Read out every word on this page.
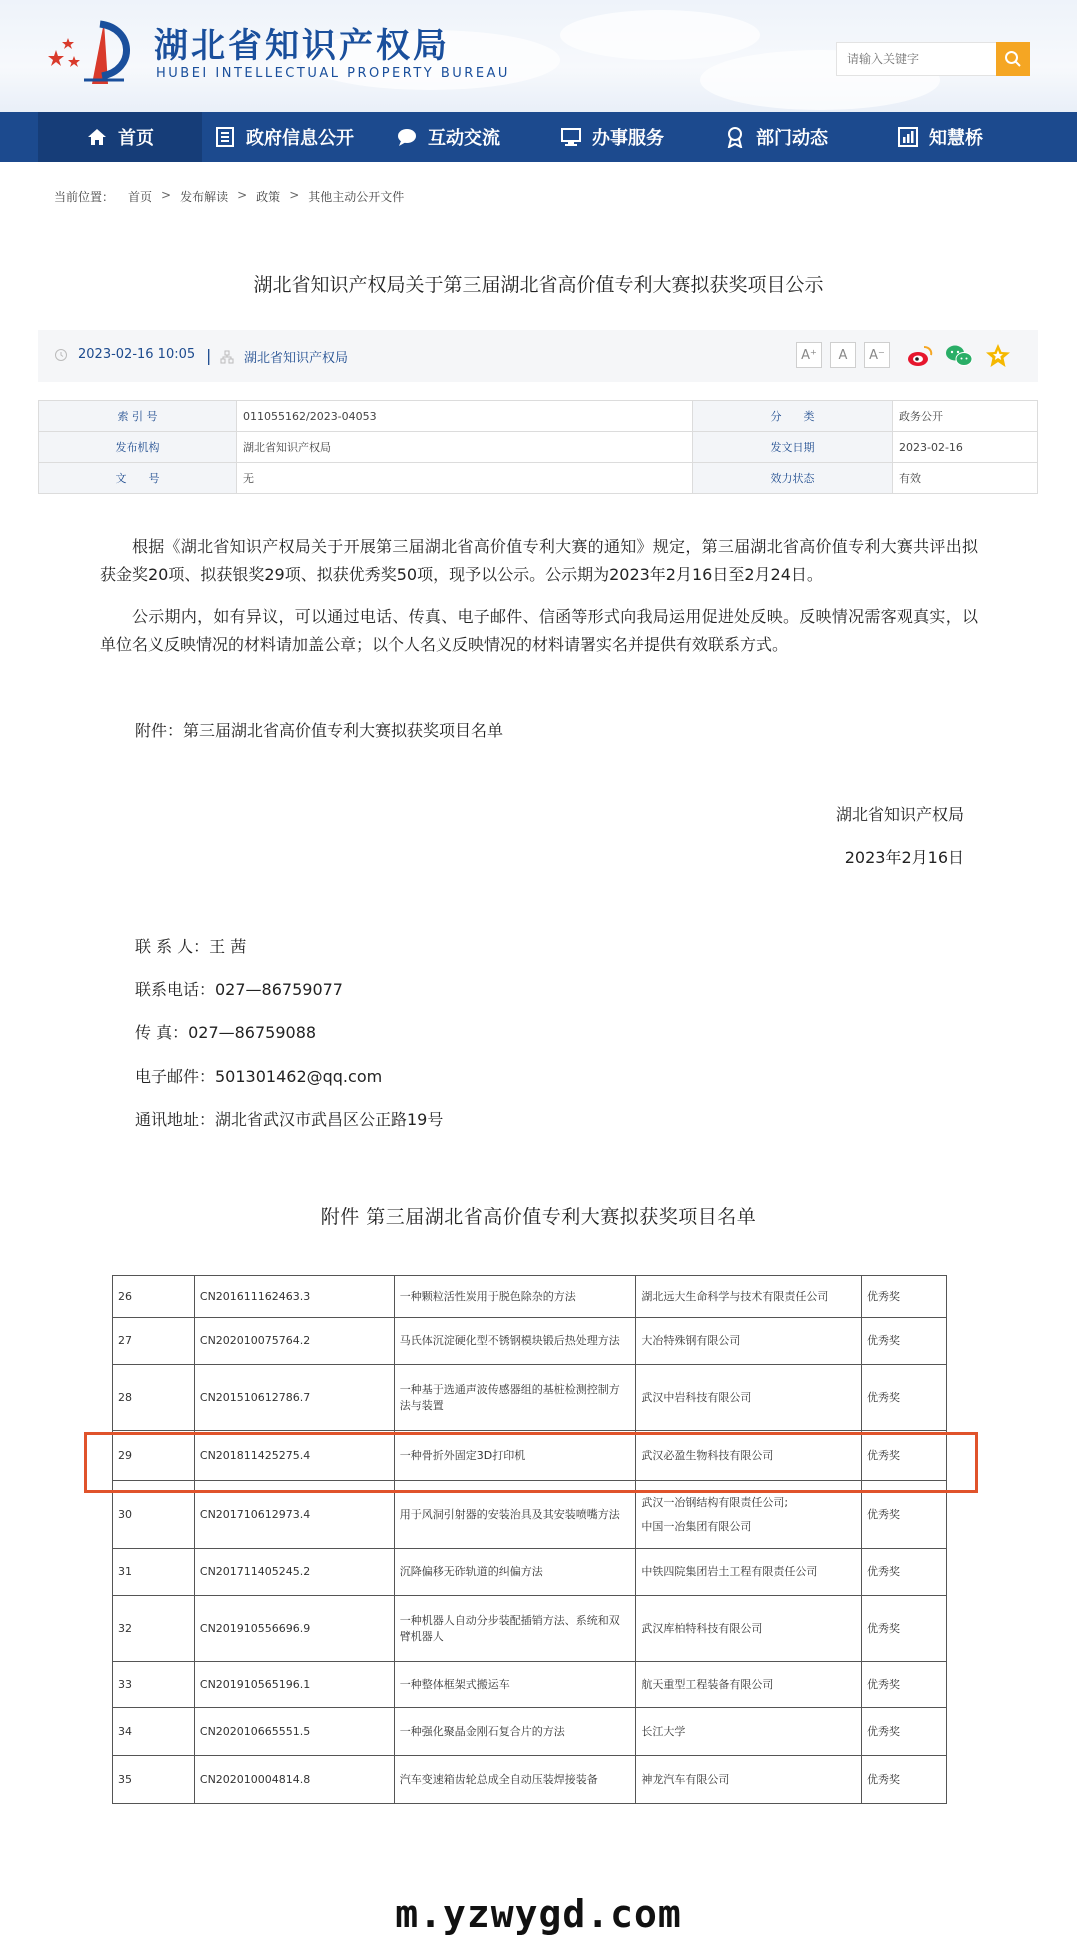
湖北省知识产权局
HUBEI INTELLECTUAL PROPERTY BUREAU
请输入关键字
首页	政府信息公开	互动交流	办事服务	部门动态	知慧桥
当前位置： 首页 > 发布解读 > 政策 > 其他主动公开文件
湖北省知识产权局关于第三届湖北省高价值专利大赛拟获奖项目公示
2023-02-16 10:05 |	湖北省知识产权局	A⁺	A	A⁻
索 引 号	011055162/2023-04053	分　　类	政务公开
发布机构	湖北省知识产权局	发文日期	2023-02-16
文　　号	无	效力状态	有效
根据《湖北省知识产权局关于开展第三届湖北省高价值专利大赛的通知》规定，第三届湖北省高价值专利大赛共评出拟获金奖20项、拟获银奖29项、拟获优秀奖50项，现予以公示。公示期为2023年2月16日至2月24日。
公示期内，如有异议，可以通过电话、传真、电子邮件、信函等形式向我局运用促进处反映。反映情况需客观真实，以单位名义反映情况的材料请加盖公章；以个人名义反映情况的材料请署实名并提供有效联系方式。
附件：第三届湖北省高价值专利大赛拟获奖项目名单
湖北省知识产权局
2023年2月16日
联 系 人：王 茜
联系电话：027—86759077
传 真：027—86759088
电子邮件：501301462@qq.com
通讯地址：湖北省武汉市武昌区公正路19号
附件 第三届湖北省高价值专利大赛拟获奖项目名单
26	CN201611162463.3	一种颗粒活性炭用于脱色除杂的方法	湖北远大生命科学与技术有限责任公司	优秀奖
27	CN202010075764.2	马氏体沉淀硬化型不锈钢模块锻后热处理方法	大冶特殊钢有限公司	优秀奖
28	CN201510612786.7	一种基于选通声波传感器组的基桩检测控制方法与装置	武汉中岩科技有限公司	优秀奖
29	CN201811425275.4	一种骨折外固定3D打印机	武汉必盈生物科技有限公司	优秀奖
30	CN201710612973.4	用于风洞引射器的安装治具及其安装喷嘴方法	武汉一冶钢结构有限责任公司;
中国一冶集团有限公司	优秀奖
31	CN201711405245.2	沉降偏移无砟轨道的纠偏方法	中铁四院集团岩土工程有限责任公司	优秀奖
32	CN201910556696.9	一种机器人自动分步装配插销方法、系统和双臂机器人	武汉库柏特科技有限公司	优秀奖
33	CN201910565196.1	一种整体框架式搬运车	航天重型工程装备有限公司	优秀奖
34	CN202010665551.5	一种强化聚晶金刚石复合片的方法	长江大学	优秀奖
35	CN202010004814.8	汽车变速箱齿轮总成全自动压装焊接装备	神龙汽车有限公司	优秀奖
m.yzwygd.com
